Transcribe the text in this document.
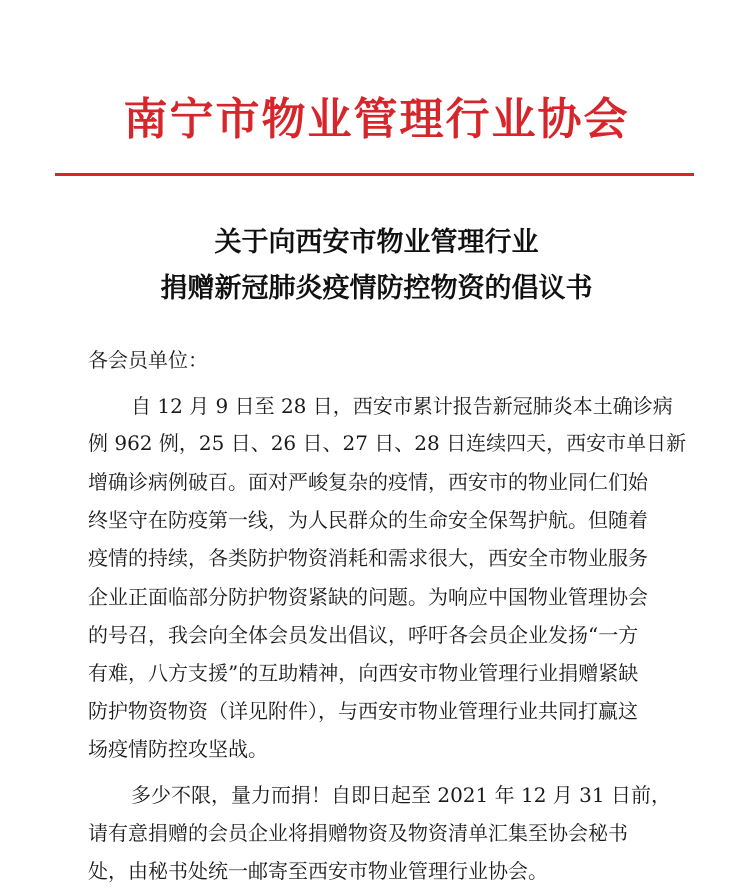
南宁市物业管理行业协会
关于向西安市物业管理行业
捐赠新冠肺炎疫情防控物资的倡议书
各会员单位：
自 12 月 9 日至 28 日，西安市累计报告新冠肺炎本土确诊病
例 962 例，25 日、26 日、27 日、28 日连续四天，西安市单日新
增确诊病例破百。面对严峻复杂的疫情，西安市的物业同仁们始
终坚守在防疫第一线，为人民群众的生命安全保驾护航。但随着
疫情的持续，各类防护物资消耗和需求很大，西安全市物业服务
企业正面临部分防护物资紧缺的问题。为响应中国物业管理协会
的号召，我会向全体会员发出倡议，呼吁各会员企业发扬“一方
有难，八方支援”的互助精神，向西安市物业管理行业捐赠紧缺
防护物资物资（详见附件），与西安市物业管理行业共同打赢这
场疫情防控攻坚战。
多少不限，量力而捐！自即日起至 2021 年 12 月 31 日前，
请有意捐赠的会员企业将捐赠物资及物资清单汇集至协会秘书
处，由秘书处统一邮寄至西安市物业管理行业协会。
